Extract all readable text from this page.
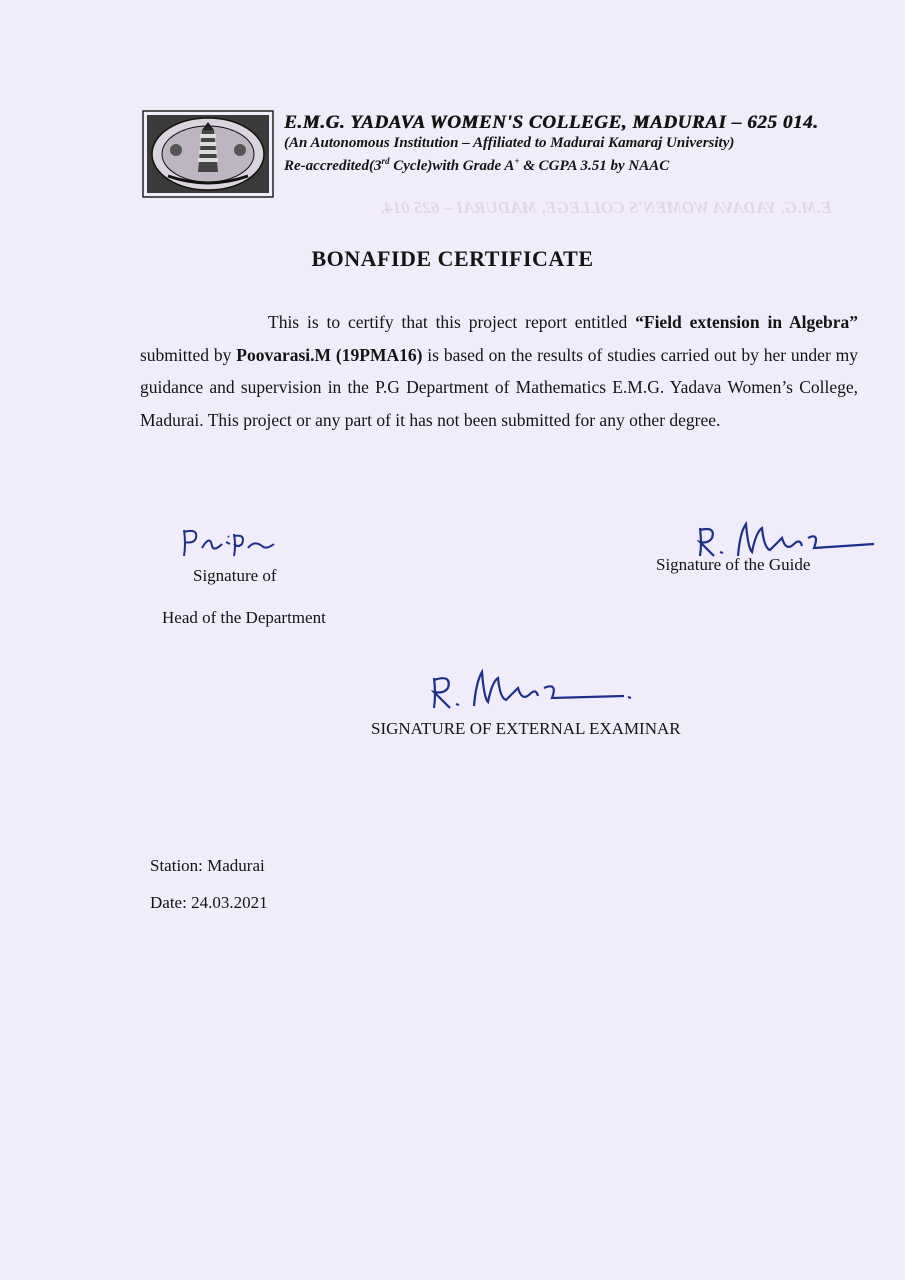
E.M.G. YADAVA WOMEN'S COLLEGE, MADURAI – 625 014.
E.M.G. YADAVA WOMEN'S COLLEGE, MADURAI – 625 014.
(An Autonomous Institution – Affiliated to Madurai Kamaraj University)
Re-accredited(3rd Cycle)with Grade A+ & CGPA 3.51 by NAAC
BONAFIDE CERTIFICATE
This is to certify that this project report entitled “Field extension in Algebra” submitted by Poovarasi.M (19PMA16) is based on the results of studies carried out by her under my guidance and supervision in the P.G Department of Mathematics E.M.G. Yadava Women’s College, Madurai. This project or any part of it has not been submitted for any other degree.
Signature of
Head of the Department
Signature of the Guide
SIGNATURE OF EXTERNAL EXAMINAR
Station: Madurai
Date: 24.03.2021
